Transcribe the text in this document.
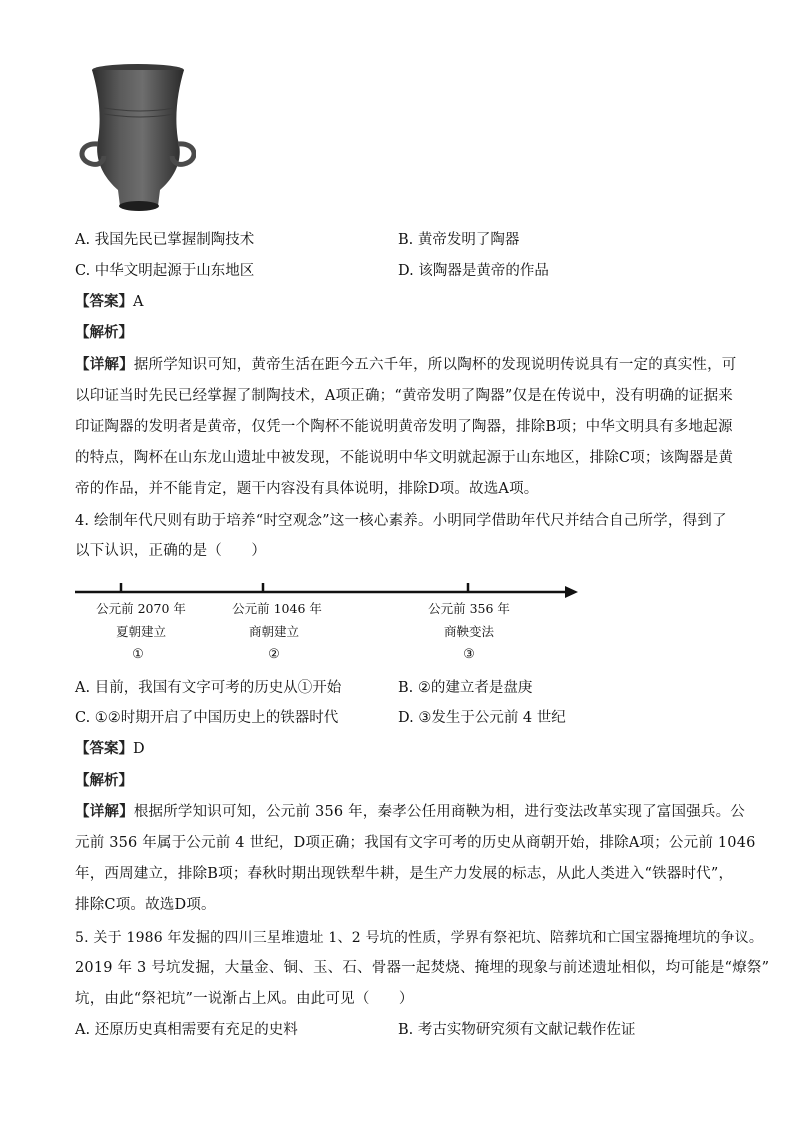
A. 我国先民已掌握制陶技术	B. 黄帝发明了陶器
C. 中华文明起源于山东地区	D. 该陶器是黄帝的作品
【答案】A
【解析】
【详解】据所学知识可知，黄帝生活在距今五六千年，所以陶杯的发现说明传说具有一定的真实性，可
以印证当时先民已经掌握了制陶技术，A项正确；“黄帝发明了陶器”仅是在传说中，没有明确的证据来
印证陶器的发明者是黄帝，仅凭一个陶杯不能说明黄帝发明了陶器，排除B项；中华文明具有多地起源
的特点，陶杯在山东龙山遗址中被发现，不能说明中华文明就起源于山东地区，排除C项；该陶器是黄
帝的作品，并不能肯定，题干内容没有具体说明，排除D项。故选A项。
4. 绘制年代尺则有助于培养“时空观念”这一核心素养。小明同学借助年代尺并结合自己所学，得到了
以下认识，正确的是（　　）
公元前 2070 年
夏朝建立
①
公元前 1046 年
商朝建立
②
公元前 356 年
商鞅变法
③
A. 目前，我国有文字可考的历史从①开始	B. ②的建立者是盘庚
C. ①②时期开启了中国历史上的铁器时代	D. ③发生于公元前 4 世纪
【答案】D
【解析】
【详解】根据所学知识可知，公元前 356 年，秦孝公任用商鞅为相，进行变法改革实现了富国强兵。公
元前 356 年属于公元前 4 世纪，D项正确；我国有文字可考的历史从商朝开始，排除A项；公元前 1046
年，西周建立，排除B项；春秋时期出现铁犁牛耕，是生产力发展的标志，从此人类进入“铁器时代”，
排除C项。故选D项。
5. 关于 1986 年发掘的四川三星堆遗址 1、2 号坑的性质，学界有祭祀坑、陪葬坑和亡国宝器掩埋坑的争议。
2019 年 3 号坑发掘，大量金、铜、玉、石、骨器一起焚烧、掩埋的现象与前述遗址相似，均可能是“燎祭”
坑，由此“祭祀坑”一说渐占上风。由此可见（　　）
A. 还原历史真相需要有充足的史料	B. 考古实物研究须有文献记载作佐证
